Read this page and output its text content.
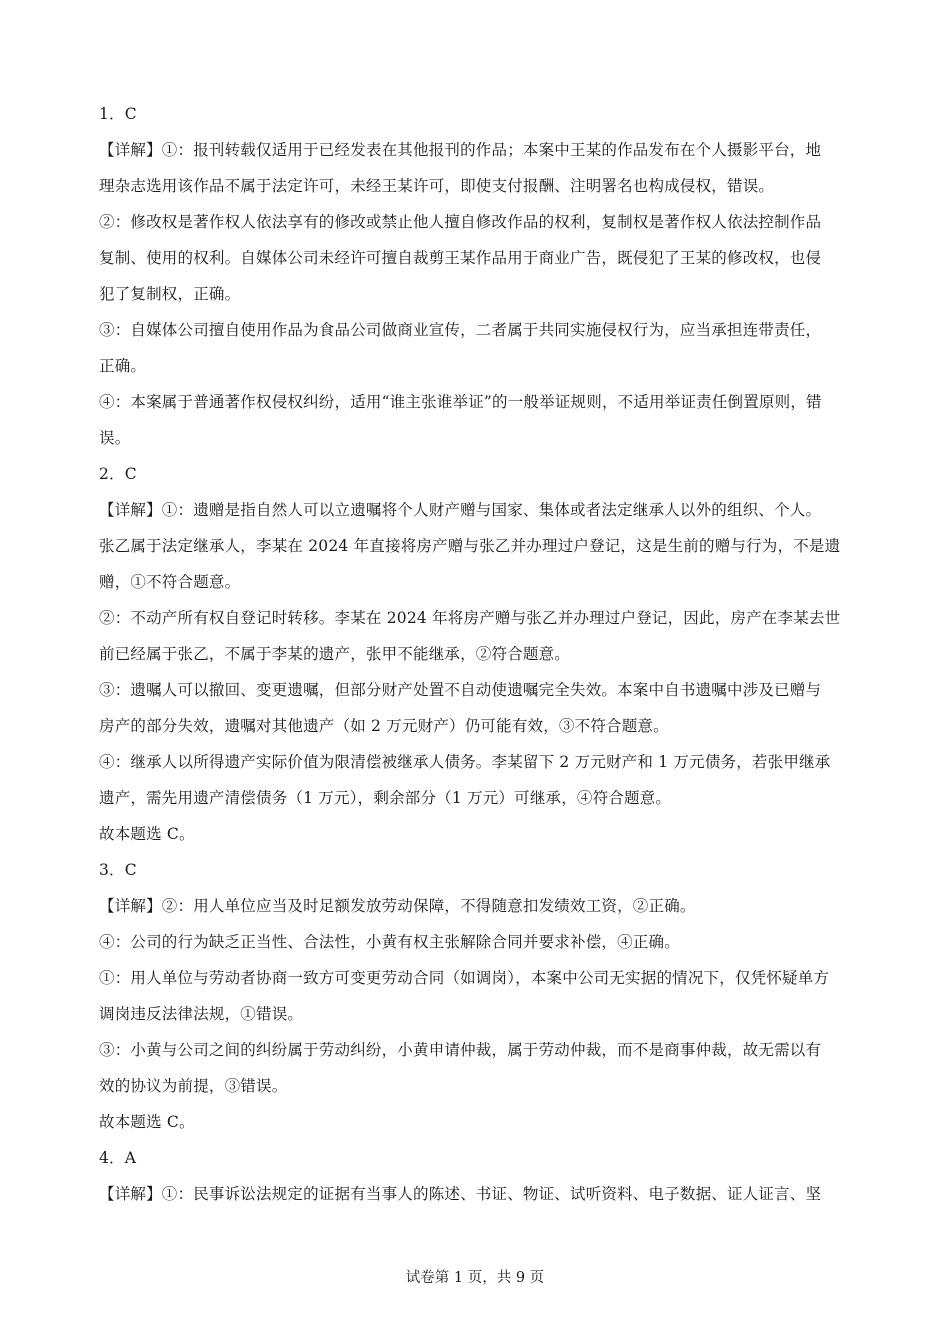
1．C
【详解】①：报刊转载仅适用于已经发表在其他报刊的作品；本案中王某的作品发布在个人摄影平台，地
理杂志选用该作品不属于法定许可，未经王某许可，即使支付报酬、注明署名也构成侵权，错误。
②：修改权是著作权人依法享有的修改或禁止他人擅自修改作品的权利，复制权是著作权人依法控制作品
复制、使用的权利。自媒体公司未经许可擅自裁剪王某作品用于商业广告，既侵犯了王某的修改权，也侵
犯了复制权，正确。
③：自媒体公司擅自使用作品为食品公司做商业宣传，二者属于共同实施侵权行为，应当承担连带责任，
正确。
④：本案属于普通著作权侵权纠纷，适用“谁主张谁举证”的一般举证规则，不适用举证责任倒置原则，错
误。
2．C
【详解】①：遗赠是指自然人可以立遗嘱将个人财产赠与国家、集体或者法定继承人以外的组织、个人。
张乙属于法定继承人，李某在 2024 年直接将房产赠与张乙并办理过户登记，这是生前的赠与行为，不是遗
赠，①不符合题意。
②：不动产所有权自登记时转移。李某在 2024 年将房产赠与张乙并办理过户登记，因此，房产在李某去世
前已经属于张乙，不属于李某的遗产，张甲不能继承，②符合题意。
③：遗嘱人可以撤回、变更遗嘱，但部分财产处置不自动使遗嘱完全失效。本案中自书遗嘱中涉及已赠与
房产的部分失效，遗嘱对其他遗产（如 2 万元财产）仍可能有效，③不符合题意。
④：继承人以所得遗产实际价值为限清偿被继承人债务。李某留下 2 万元财产和 1 万元债务，若张甲继承
遗产，需先用遗产清偿债务（1 万元），剩余部分（1 万元）可继承，④符合题意。
故本题选 C。
3．C
【详解】②：用人单位应当及时足额发放劳动保障，不得随意扣发绩效工资，②正确。
④：公司的行为缺乏正当性、合法性，小黄有权主张解除合同并要求补偿，④正确。
①：用人单位与劳动者协商一致方可变更劳动合同（如调岗），本案中公司无实据的情况下，仅凭怀疑单方
调岗违反法律法规，①错误。
③：小黄与公司之间的纠纷属于劳动纠纷，小黄申请仲裁，属于劳动仲裁，而不是商事仲裁，故无需以有
效的协议为前提，③错误。
故本题选 C。
4．A
【详解】①：民事诉讼法规定的证据有当事人的陈述、书证、物证、试听资料、电子数据、证人证言、坚
试卷第 1 页，共 9 页
